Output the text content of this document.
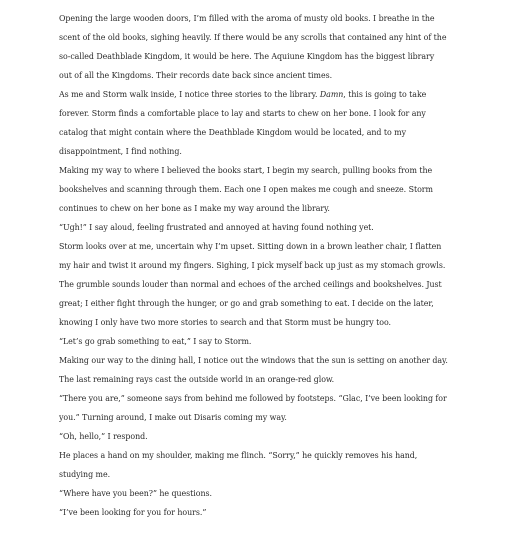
Opening the large wooden doors, I’m filled with the aroma of musty old books. I breathe in the scent of the old books, sighing heavily. If there would be any scrolls that contained any hint of the so-called Deathblade Kingdom, it would be here. The Aquiune Kingdom has the biggest library out of all the Kingdoms. Their records date back since ancient times.

As me and Storm walk inside, I notice three stories to the library. Damn, this is going to take forever. Storm finds a comfortable place to lay and starts to chew on her bone. I look for any catalog that might contain where the Deathblade Kingdom would be located, and to my disappointment, I find nothing.

Making my way to where I believed the books start, I begin my search, pulling books from the bookshelves and scanning through them. Each one I open makes me cough and sneeze. Storm continues to chew on her bone as I make my way around the library.

“Ugh!” I say aloud, feeling frustrated and annoyed at having found nothing yet.

Storm looks over at me, uncertain why I’m upset. Sitting down in a brown leather chair, I flatten my hair and twist it around my fingers. Sighing, I pick myself back up just as my stomach growls. The grumble sounds louder than normal and echoes of the arched ceilings and bookshelves. Just great; I either fight through the hunger, or go and grab something to eat. I decide on the later, knowing I only have two more stories to search and that Storm must be hungry too.

“Let’s go grab something to eat,” I say to Storm.

Making our way to the dining hall, I notice out the windows that the sun is setting on another day. The last remaining rays cast the outside world in an orange-red glow.

“There you are,” someone says from behind me followed by footsteps. “Glac, I’ve been looking for you.” Turning around, I make out Disaris coming my way.

“Oh, hello,” I respond.

He places a hand on my shoulder, making me flinch. “Sorry,” he quickly removes his hand, studying me.

“Where have you been?” he questions.

“I’ve been looking for you for hours.”
